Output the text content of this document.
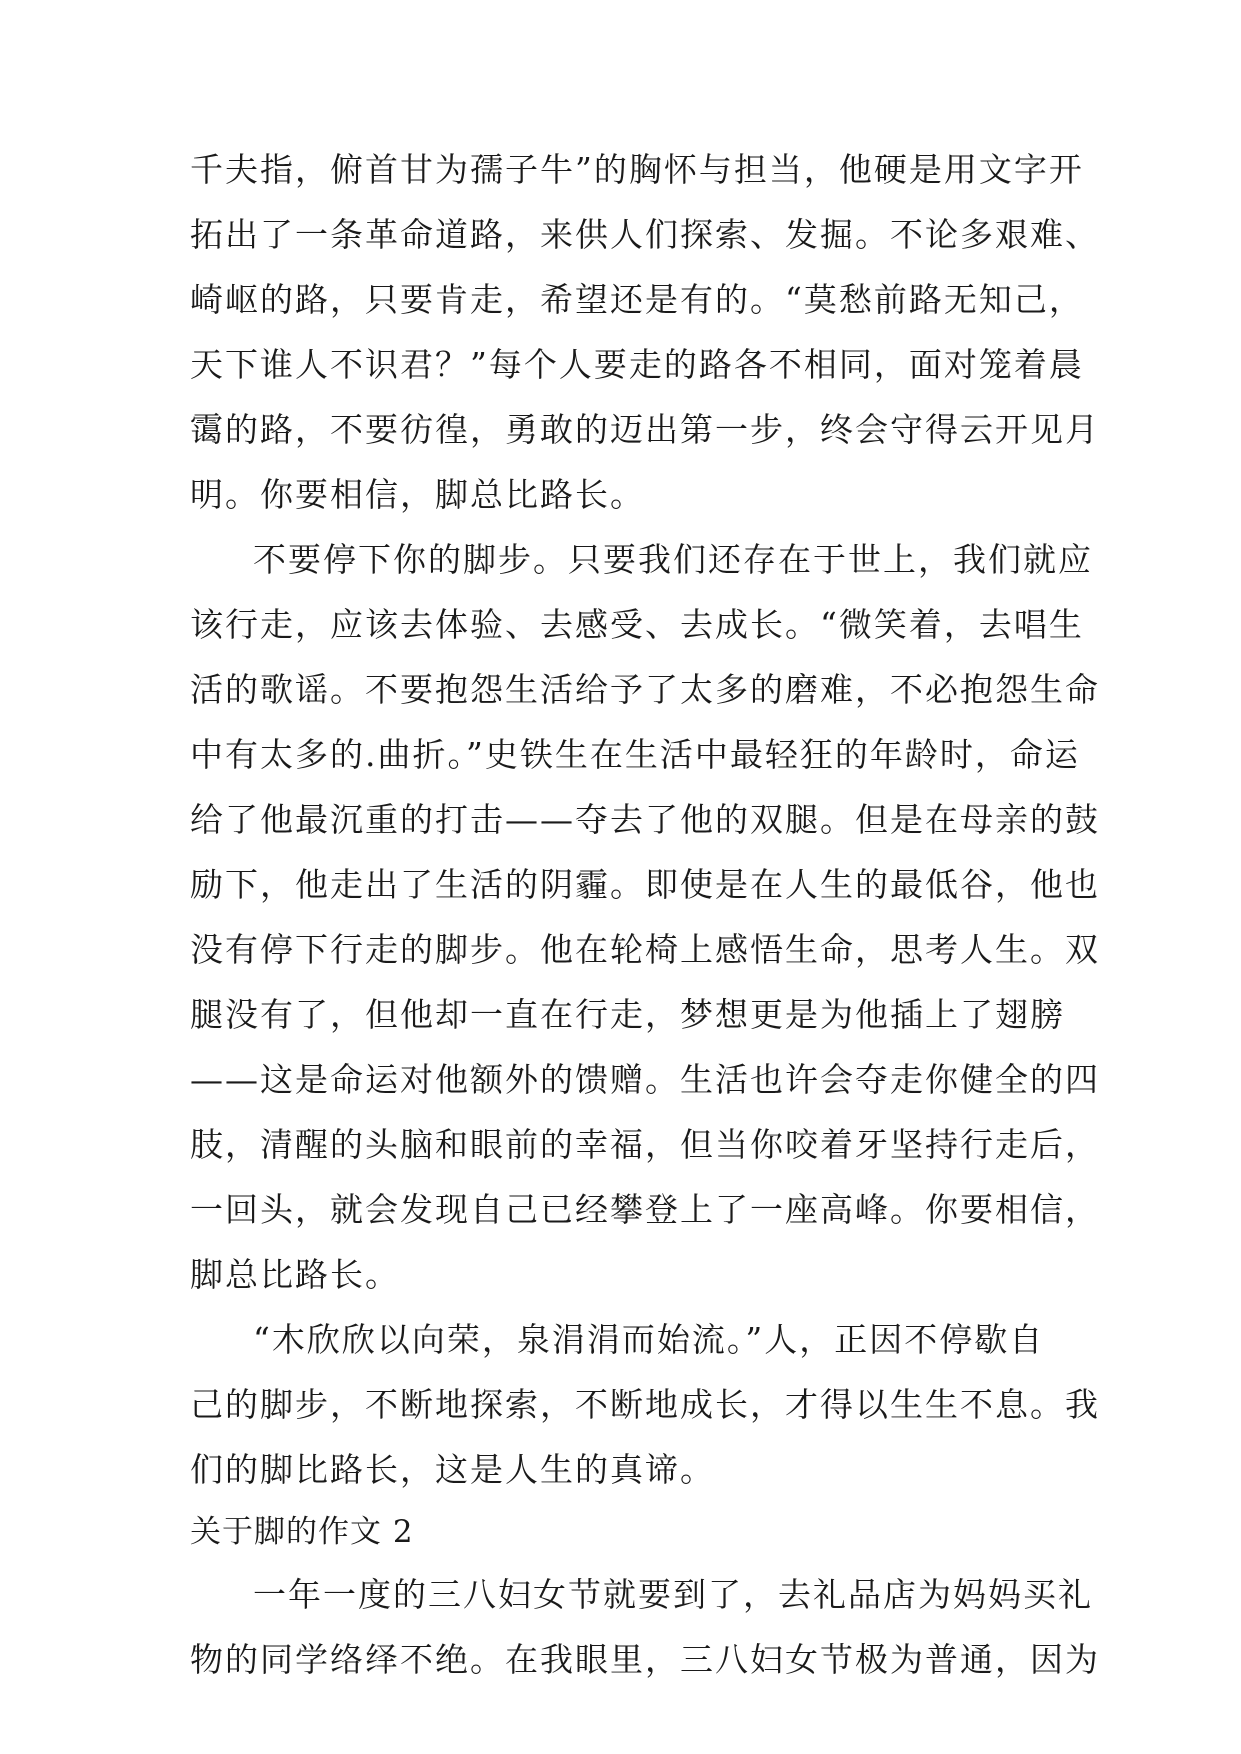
千夫指，俯首甘为孺子牛”的胸怀与担当，他硬是用文字开
拓出了一条革命道路，来供人们探索、发掘。不论多艰难、
崎岖的路，只要肯走，希望还是有的。“莫愁前路无知己，
天下谁人不识君？”每个人要走的路各不相同，面对笼着晨
霭的路，不要彷徨，勇敢的迈出第一步，终会守得云开见月
明。你要相信，脚总比路长。
不要停下你的脚步。只要我们还存在于世上，我们就应
该行走，应该去体验、去感受、去成长。“微笑着，去唱生
活的歌谣。不要抱怨生活给予了太多的磨难，不必抱怨生命
中有太多的.曲折。”史铁生在生活中最轻狂的年龄时，命运
给了他最沉重的打击——夺去了他的双腿。但是在母亲的鼓
励下，他走出了生活的阴霾。即使是在人生的最低谷，他也
没有停下行走的脚步。他在轮椅上感悟生命，思考人生。双
腿没有了，但他却一直在行走，梦想更是为他插上了翅膀
——这是命运对他额外的馈赠。生活也许会夺走你健全的四
肢，清醒的头脑和眼前的幸福，但当你咬着牙坚持行走后，
一回头，就会发现自己已经攀登上了一座高峰。你要相信，
脚总比路长。
“木欣欣以向荣，泉涓涓而始流。”人，正因不停歇自
己的脚步，不断地探索，不断地成长，才得以生生不息。我
们的脚比路长，这是人生的真谛。
关于脚的作文 2
一年一度的三八妇女节就要到了，去礼品店为妈妈买礼
物的同学络绎不绝。在我眼里，三八妇女节极为普通，因为
